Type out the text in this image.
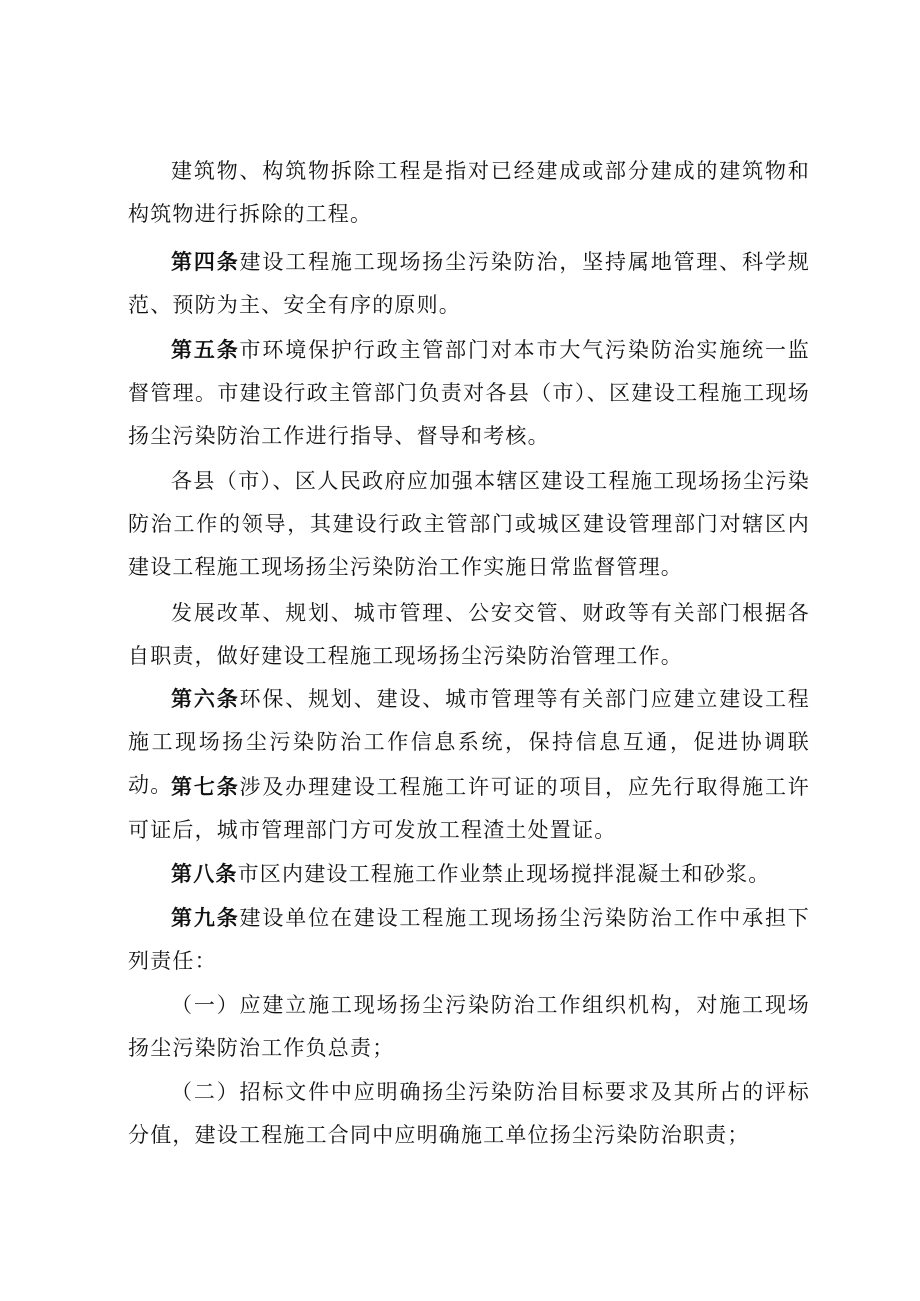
建筑物、构筑物拆除工程是指对已经建成或部分建成的建筑物和构筑物进行拆除的工程。

第四条建设工程施工现场扬尘污染防治，坚持属地管理、科学规范、预防为主、安全有序的原则。

第五条市环境保护行政主管部门对本市大气污染防治实施统一监督管理。市建设行政主管部门负责对各县（市）、区建设工程施工现场扬尘污染防治工作进行指导、督导和考核。

各县（市）、区人民政府应加强本辖区建设工程施工现场扬尘污染防治工作的领导，其建设行政主管部门或城区建设管理部门对辖区内建设工程施工现场扬尘污染防治工作实施日常监督管理。

发展改革、规划、城市管理、公安交管、财政等有关部门根据各自职责，做好建设工程施工现场扬尘污染防治管理工作。

第六条环保、规划、建设、城市管理等有关部门应建立建设工程施工现场扬尘污染防治工作信息系统，保持信息互通，促进协调联动。

第七条涉及办理建设工程施工许可证的项目，应先行取得施工许可证后，城市管理部门方可发放工程渣土处置证。

第八条市区内建设工程施工作业禁止现场搅拌混凝土和砂浆。

第九条建设单位在建设工程施工现场扬尘污染防治工作中承担下列责任：

（一）应建立施工现场扬尘污染防治工作组织机构，对施工现场扬尘污染防治工作负总责；

（二）招标文件中应明确扬尘污染防治目标要求及其所占的评标分值，建设工程施工合同中应明确施工单位扬尘污染防治职责；
